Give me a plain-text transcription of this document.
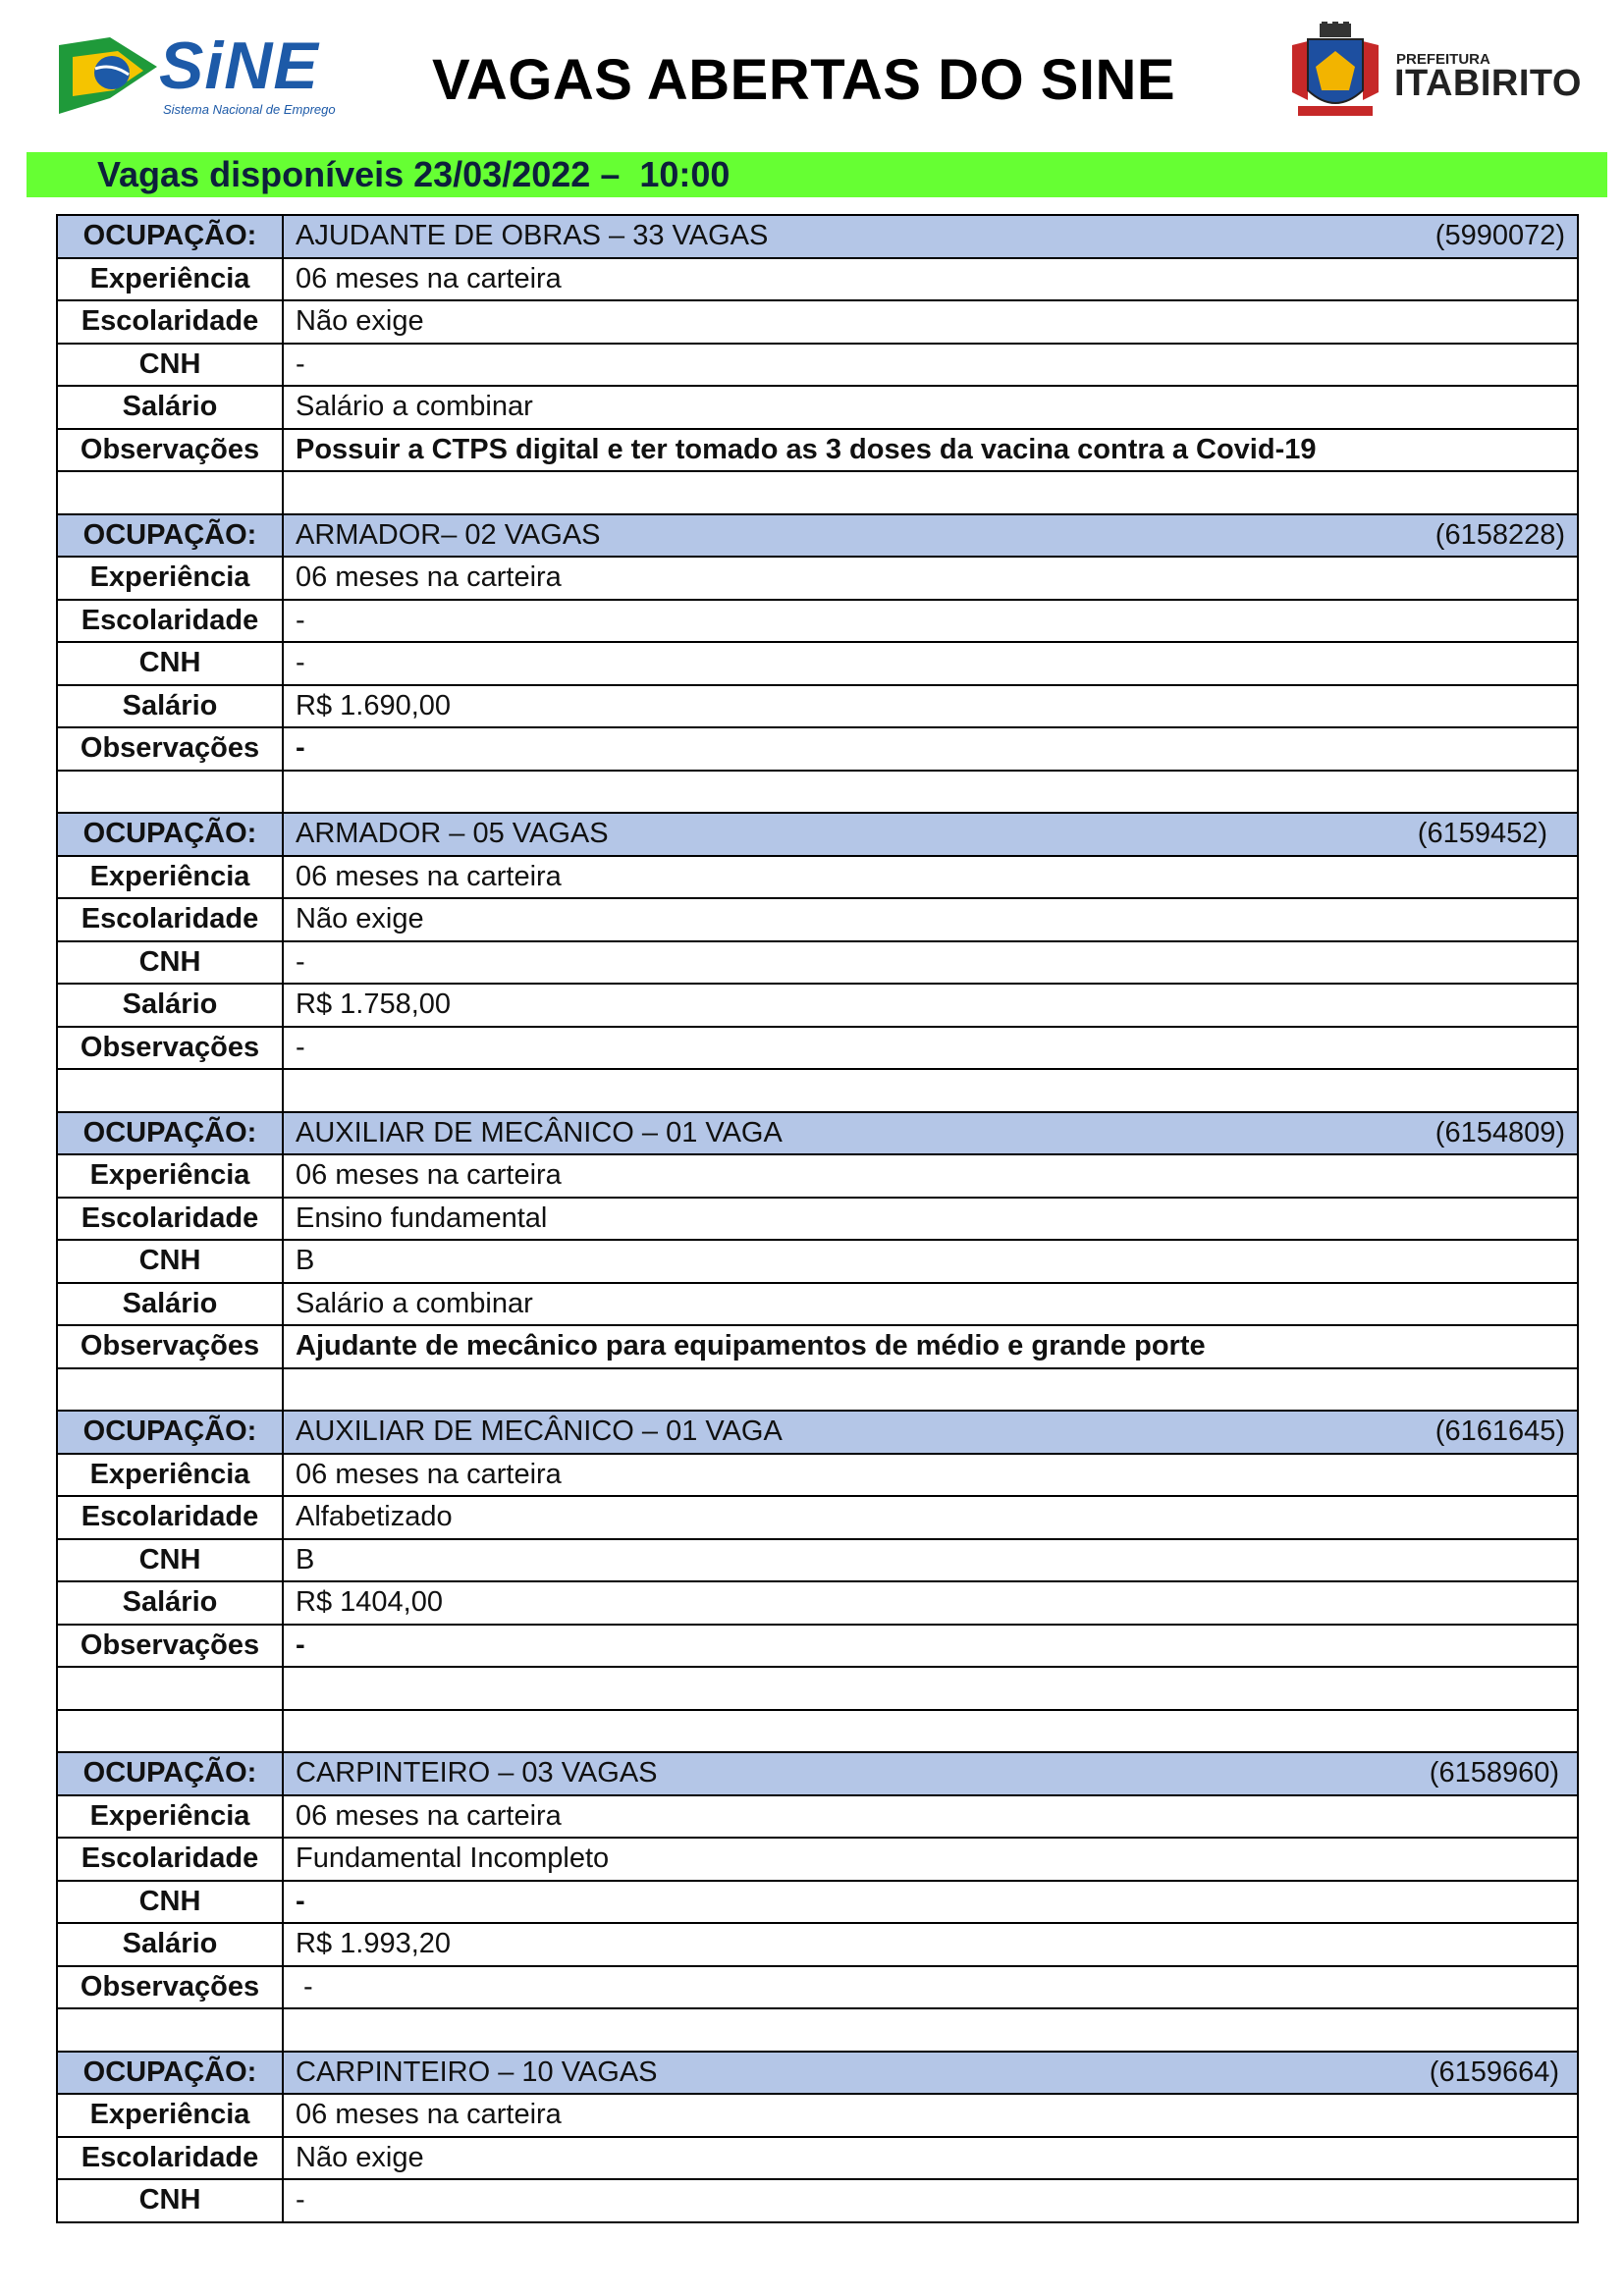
SiNE
Sistema Nacional de Emprego VAGAS ABERTAS DO SINE	PREFEITURA
ITABIRITO
Vagas disponíveis 23/03/2022 –  10:00
OCUPAÇÃO:	AJUDANTE DE OBRAS – 33 VAGAS (5990072)

Experiência	06 meses na carteira
Escolaridade	Não exige
CNH	-
Salário	Salário a combinar
Observações	Possuir a CTPS digital e ter tomado as 3 doses da vacina contra a Covid-19

OCUPAÇÃO:	ARMADOR– 02 VAGAS (6158228)

Experiência	06 meses na carteira
Escolaridade	-
CNH	-
Salário	R$ 1.690,00
Observações	-

OCUPAÇÃO:	ARMADOR – 05 VAGAS (6159452)

Experiência	06 meses na carteira
Escolaridade	Não exige
CNH	-
Salário	R$ 1.758,00
Observações	-

OCUPAÇÃO:	AUXILIAR DE MECÂNICO – 01 VAGA (6154809)

Experiência	06 meses na carteira
Escolaridade	Ensino fundamental
CNH	B
Salário	Salário a combinar
Observações	Ajudante de mecânico para equipamentos de médio e grande porte

OCUPAÇÃO:	AUXILIAR DE MECÂNICO – 01 VAGA (6161645)

Experiência	06 meses na carteira
Escolaridade	Alfabetizado
CNH	B
Salário	R$ 1404,00
Observações	-

OCUPAÇÃO:	CARPINTEIRO – 03 VAGAS (6158960)

Experiência	06 meses na carteira
Escolaridade	Fundamental Incompleto
CNH	-
Salário	R$ 1.993,20
Observações	-

OCUPAÇÃO:	CARPINTEIRO – 10 VAGAS (6159664)

Experiência	06 meses na carteira
Escolaridade	Não exige
CNH	-
